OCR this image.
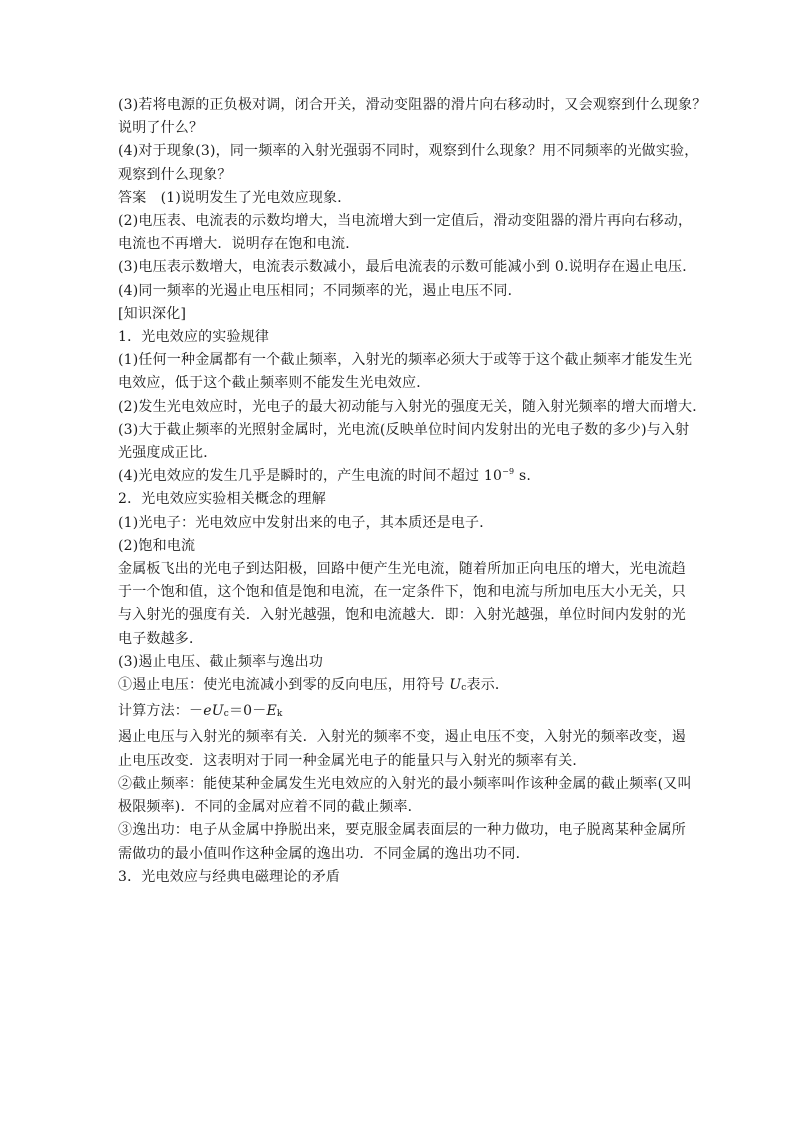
(3)若将电源的正负极对调，闭合开关，滑动变阻器的滑片向右移动时，又会观察到什么现象？
说明了什么？
(4)对于现象(3)，同一频率的入射光强弱不同时，观察到什么现象？用不同频率的光做实验，
观察到什么现象？
答案　(1)说明发生了光电效应现象．
(2)电压表、电流表的示数均增大，当电流增大到一定值后，滑动变阻器的滑片再向右移动，
电流也不再增大．说明存在饱和电流．
(3)电压表示数增大，电流表示数减小，最后电流表的示数可能减小到 0.说明存在遏止电压．
(4)同一频率的光遏止电压相同；不同频率的光，遏止电压不同．
[知识深化]
1．光电效应的实验规律
(1)任何一种金属都有一个截止频率，入射光的频率必须大于或等于这个截止频率才能发生光
电效应，低于这个截止频率则不能发生光电效应．
(2)发生光电效应时，光电子的最大初动能与入射光的强度无关，随入射光频率的增大而增大．
(3)大于截止频率的光照射金属时，光电流(反映单位时间内发射出的光电子数的多少)与入射
光强度成正比．
(4)光电效应的发生几乎是瞬时的，产生电流的时间不超过 $10^{-9}$ s.
2．光电效应实验相关概念的理解
(1)光电子：光电效应中发射出来的电子，其本质还是电子．
(2)饱和电流
金属板飞出的光电子到达阳极，回路中便产生光电流，随着所加正向电压的增大，光电流趋
于一个饱和值，这个饱和值是饱和电流，在一定条件下，饱和电流与所加电压大小无关，只
与入射光的强度有关．入射光越强，饱和电流越大．即：入射光越强，单位时间内发射的光
电子数越多．
(3)遏止电压、截止频率与逸出功
①遏止电压：使光电流减小到零的反向电压，用符号 Uc表示．
计算方法：－eUc＝0－Ek
遏止电压与入射光的频率有关．入射光的频率不变，遏止电压不变，入射光的频率改变，遏
止电压改变．这表明对于同一种金属光电子的能量只与入射光的频率有关．
②截止频率：能使某种金属发生光电效应的入射光的最小频率叫作该种金属的截止频率(又叫
极限频率)．不同的金属对应着不同的截止频率．
③逸出功：电子从金属中挣脱出来，要克服金属表面层的一种力做功，电子脱离某种金属所
需做功的最小值叫作这种金属的逸出功．不同金属的逸出功不同．
3．光电效应与经典电磁理论的矛盾
